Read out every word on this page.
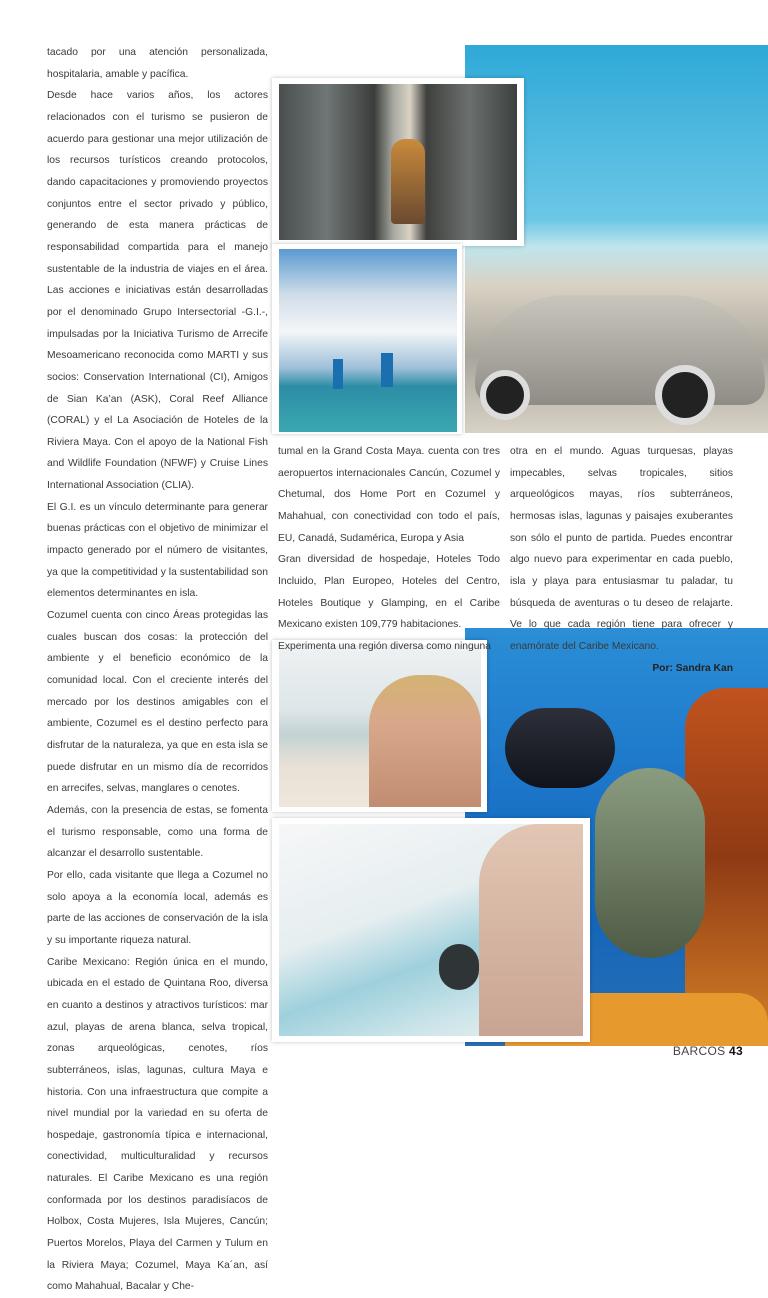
tacado por una atención personalizada, hospitalaria, amable y pacífica.

Desde hace varios años, los actores relacionados con el turismo se pusieron de acuerdo para gestionar una mejor utilización de los recursos turísticos creando protocolos, dando capacitaciones y promoviendo proyectos conjuntos entre el sector privado y público, generando de esta manera prácticas de responsabilidad compartida para el manejo sustentable de la industria de viajes en el área. Las acciones e iniciativas están desarrolladas por el denominado Grupo Intersectorial -G.I.-, impulsadas por la Iniciativa Turismo de Arrecife Mesoamericano reconocida como MARTI y sus socios: Conservation International (CI), Amigos de Sian Ka’an (ASK), Coral Reef Alliance (CORAL) y el La Asociación de Hoteles de la Riviera Maya. Con el apoyo de la National Fish and Wildlife Foundation (NFWF) y Cruise Lines International Association (CLIA).

El G.I. es un vínculo determinante para generar buenas prácticas con el objetivo de minimizar el impacto generado por el número de visitantes, ya que la competitividad y la sustentabilidad son elementos determinantes en isla.

Cozumel cuenta con cinco Áreas protegidas las cuales buscan dos cosas: la protección del ambiente y el beneficio económico de la comunidad local. Con el creciente interés del mercado por los destinos amigables con el ambiente, Cozumel es el destino perfecto para disfrutar de la naturaleza, ya que en esta isla se puede disfrutar en un mismo día de recorridos en arrecifes, selvas, manglares o cenotes.

Además, con la presencia de estas, se fomenta el turismo responsable, como una forma de alcanzar el desarrollo sustentable.

Por ello, cada visitante que llega a Cozumel no solo apoya a la economía local, además es parte de las acciones de conservación de la isla y su importante riqueza natural.

Caribe Mexicano: Región única en el mundo, ubicada en el estado de Quintana Roo, diversa en cuanto a destinos y atractivos turísticos: mar azul, playas de arena blanca, selva tropical, zonas arqueológicas, cenotes, ríos subterráneos, islas, lagunas, cultura Maya e historia. Con una infraestructura que compite a nivel mundial por la variedad en su oferta de hospedaje, gastronomía típica e internacional, conectividad, multiculturalidad y recursos naturales. El Caribe Mexicano es una región conformada por los destinos paradisíacos de Holbox, Costa Mujeres, Isla Mujeres, Cancún; Puertos Morelos, Playa del Carmen y Tulum en la Riviera Maya; Cozumel, Maya Ka´an, así como Mahahual, Bacalar y Che-

tumal en la Grand Costa Maya. cuenta con tres aeropuertos internacionales Cancún, Cozumel y Chetumal, dos Home Port en Cozumel y Mahahual, con conectividad con todo el país, EU, Canadá, Sudamérica, Europa y Asia

Gran diversidad de hospedaje, Hoteles Todo Incluido, Plan Europeo, Hoteles del Centro, Hoteles Boutique y Glamping, en el Caribe Mexicano existen 109,779 habitaciones.

Experimenta una región diversa como ninguna

otra en el mundo. Aguas turquesas, playas impecables, selvas tropicales, sitios arqueológicos mayas, ríos subterráneos, hermosas islas, lagunas y paisajes exuberantes son sólo el punto de partida. Puedes encontrar algo nuevo para experimentar en cada pueblo, isla y playa para entusiasmar tu paladar, tu búsqueda de aventuras o tu deseo de relajarte. Ve lo que cada región tiene para ofrecer y enamórate del Caribe Mexicano.

Por: Sandra Kan

BARCOS 43
